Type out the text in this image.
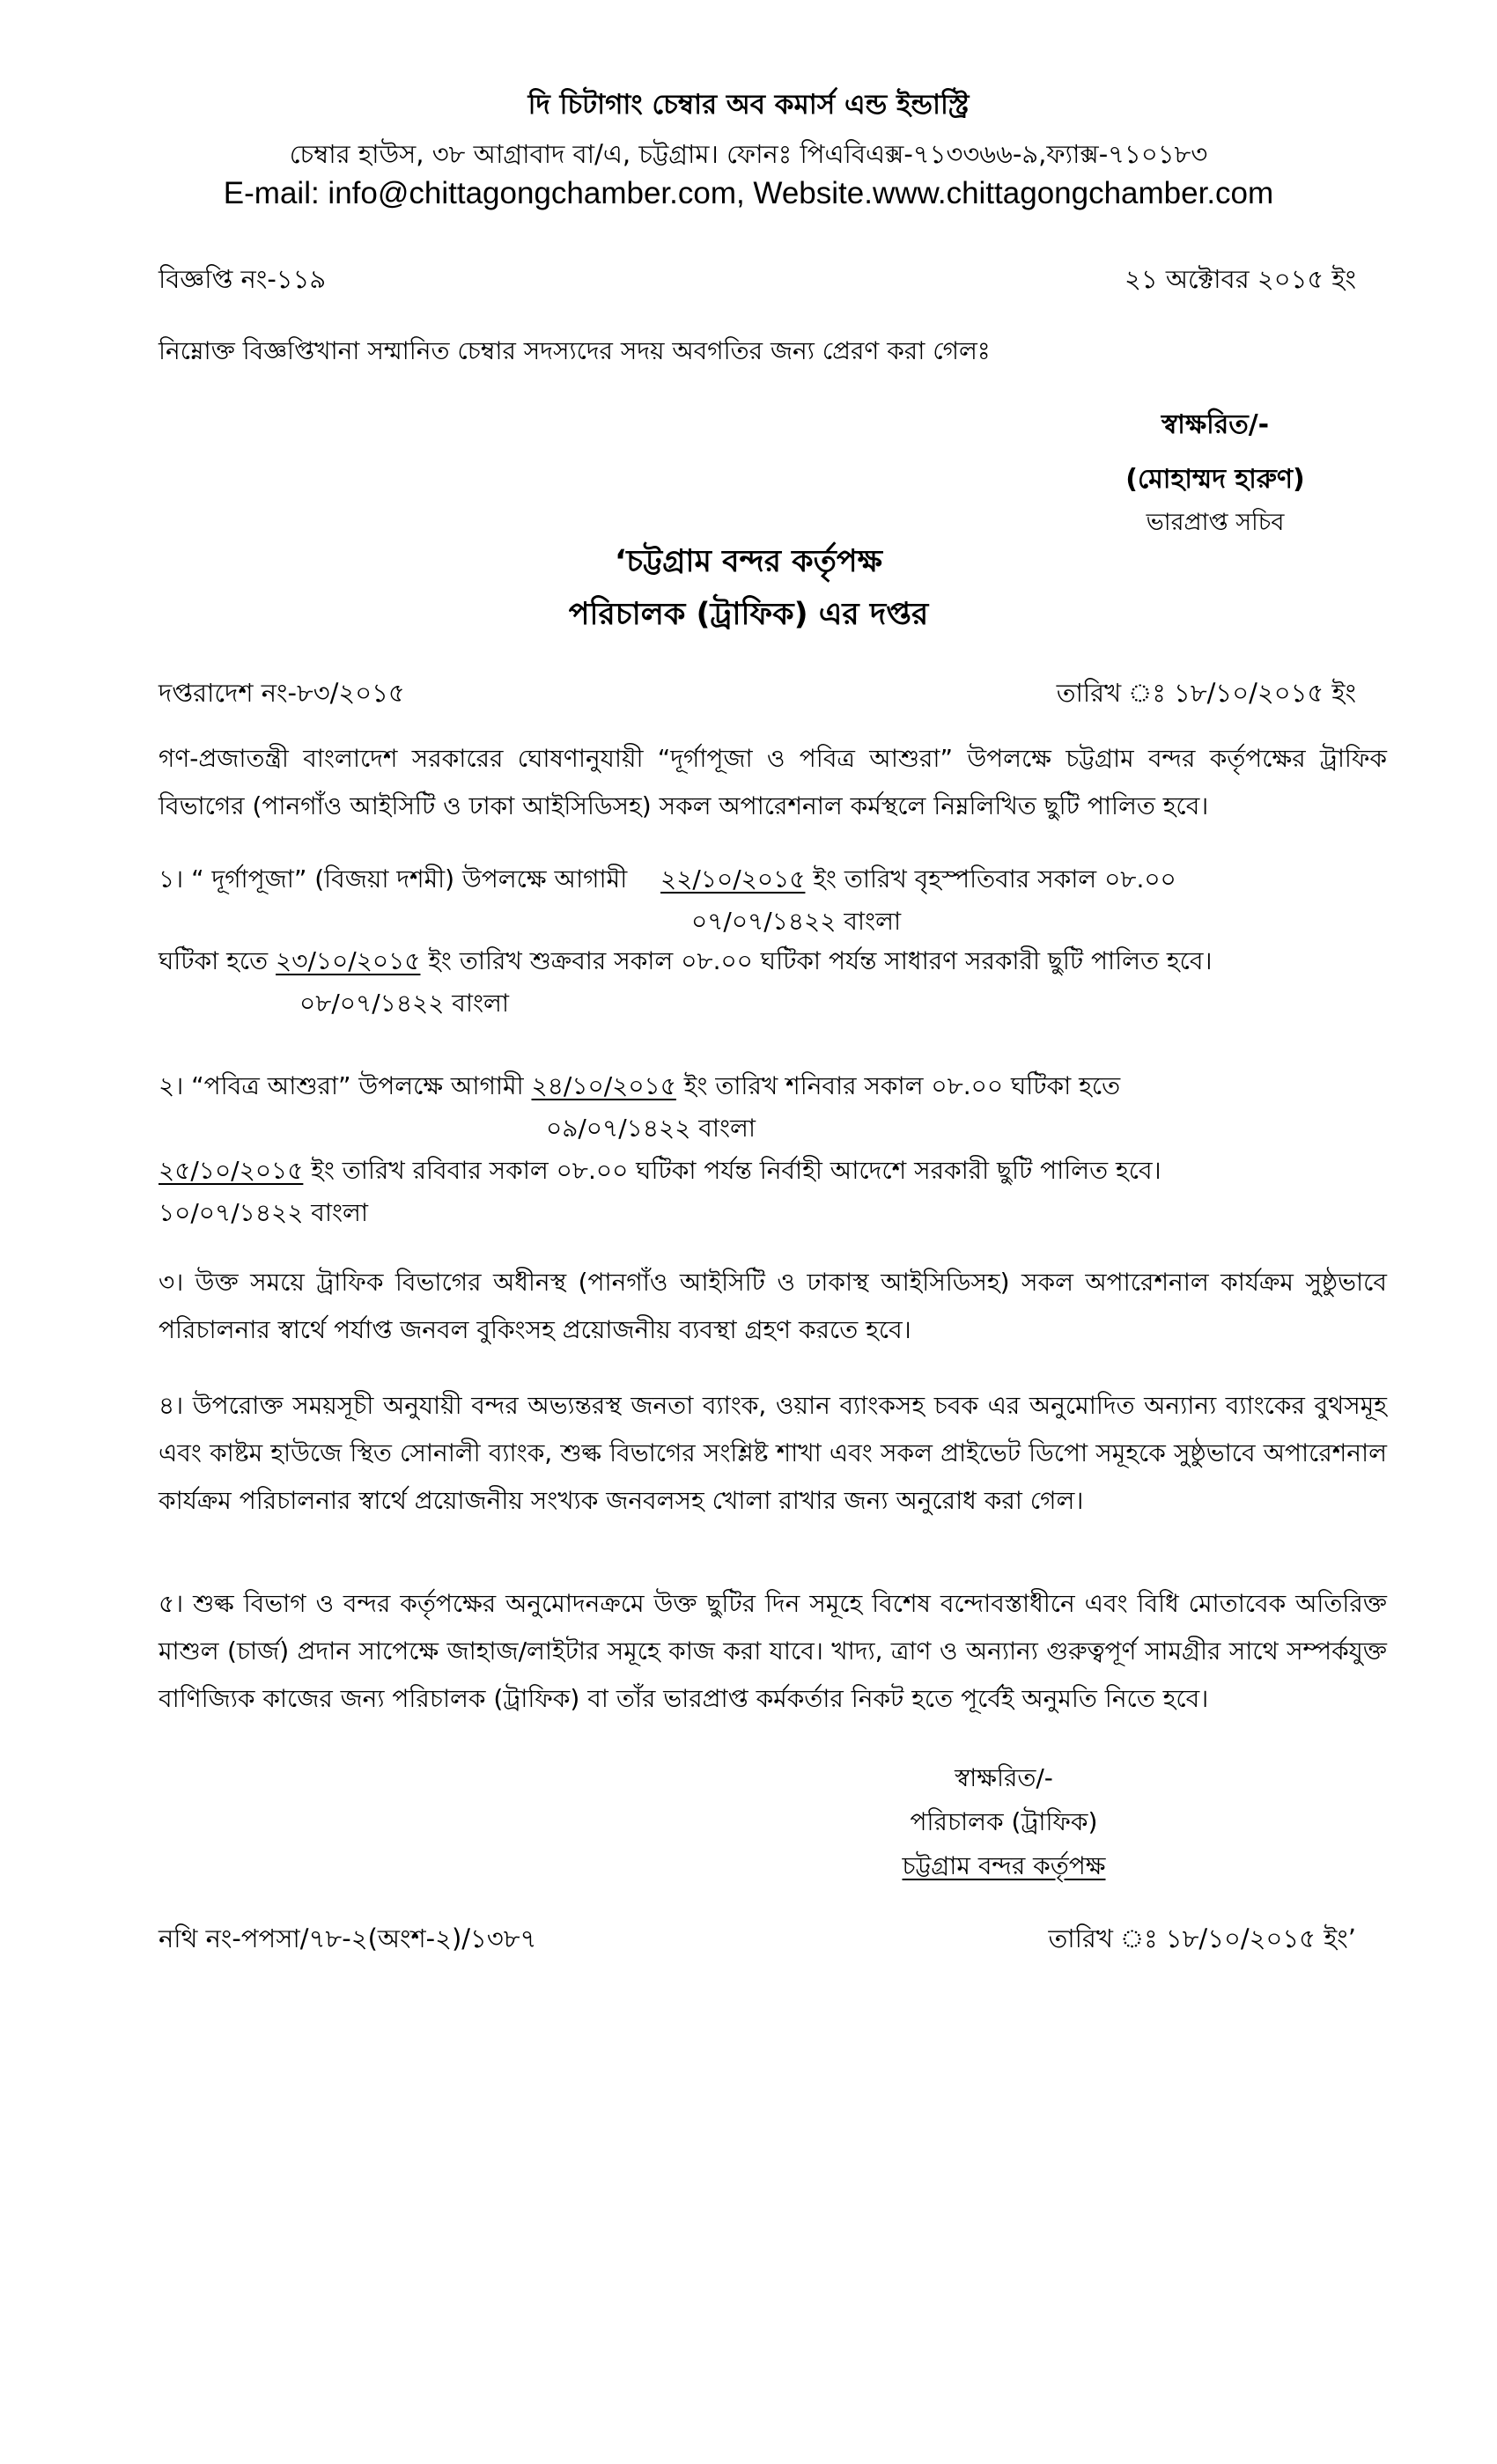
দি চিটাগাং চেম্বার অব কমার্স এন্ড ইন্ডাস্ট্রি
চেম্বার হাউস, ৩৮ আগ্রাবাদ বা/এ, চট্টগ্রাম। ফোনঃ পিএবিএক্স-৭১৩৩৬৬-৯,ফ্যাক্স-৭১০১৮৩
E-mail: info@chittagongchamber.com, Website.www.chittagongchamber.com
বিজ্ঞপ্তি নং-১১৯	২১ অক্টোবর ২০১৫ ইং
নিম্নোক্ত বিজ্ঞপ্তিখানা সম্মানিত চেম্বার সদস্যদের সদয় অবগতির জন্য প্রেরণ করা গেলঃ
স্বাক্ষরিত/-
(মোহাম্মদ হারুণ)
ভারপ্রাপ্ত সচিব
‘চট্টগ্রাম বন্দর কর্তৃপক্ষ
পরিচালক (ট্রাফিক) এর দপ্তর
দপ্তরাদেশ নং-৮৩/২০১৫	তারিখ ঃ ১৮/১০/২০১৫ ইং
গণ-প্রজাতন্ত্রী বাংলাদেশ সরকারের ঘোষণানুযায়ী “দূর্গাপূজা ও পবিত্র আশুরা” উপলক্ষে চট্টগ্রাম বন্দর কর্তৃপক্ষের ট্রাফিক বিভাগের (পানগাঁও আইসিটি ও ঢাকা আইসিডিসহ) সকল অপারেশনাল কর্মস্থলে নিম্নলিখিত ছুটি পালিত হবে।
১। “ দূর্গাপূজা” (বিজয়া দশমী) উপলক্ষে আগামী ২২/১০/২০১৫ ইং তারিখ বৃহস্পতিবার সকাল ০৮.০০
০৭/০৭/১৪২২ বাংলা
ঘটিকা হতে ২৩/১০/২০১৫ ইং তারিখ শুক্রবার সকাল ০৮.০০ ঘটিকা পর্যন্ত সাধারণ সরকারী ছুটি পালিত হবে।
০৮/০৭/১৪২২ বাংলা
২। “পবিত্র আশুরা” উপলক্ষে আগামী ২৪/১০/২০১৫ ইং তারিখ শনিবার সকাল ০৮.০০ ঘটিকা হতে
০৯/০৭/১৪২২ বাংলা
২৫/১০/২০১৫ ইং তারিখ রবিবার সকাল ০৮.০০ ঘটিকা পর্যন্ত নির্বাহী আদেশে সরকারী ছুটি পালিত হবে।
১০/০৭/১৪২২ বাংলা
৩। উক্ত সময়ে ট্রাফিক বিভাগের অধীনস্থ (পানগাঁও আইসিটি ও ঢাকাস্থ আইসিডিসহ) সকল অপারেশনাল কার্যক্রম সুষ্ঠুভাবে পরিচালনার স্বার্থে পর্যাপ্ত জনবল বুকিংসহ প্রয়োজনীয় ব্যবস্থা গ্রহণ করতে হবে।
৪। উপরোক্ত সময়সূচী অনুযায়ী বন্দর অভ্যন্তরস্থ জনতা ব্যাংক, ওয়ান ব্যাংকসহ চবক এর অনুমোদিত অন্যান্য ব্যাংকের বুথসমূহ এবং কাষ্টম হাউজে স্থিত সোনালী ব্যাংক, শুল্ক বিভাগের সংশ্লিষ্ট শাখা এবং সকল প্রাইভেট ডিপো সমূহকে সুষ্ঠুভাবে অপারেশনাল কার্যক্রম পরিচালনার স্বার্থে প্রয়োজনীয় সংখ্যক জনবলসহ খোলা রাখার জন্য অনুরোধ করা গেল।
৫। শুল্ক বিভাগ ও বন্দর কর্তৃপক্ষের অনুমোদনক্রমে উক্ত ছুটির দিন সমূহে বিশেষ বন্দোবস্তাধীনে এবং বিধি মোতাবেক অতিরিক্ত মাশুল (চার্জ) প্রদান সাপেক্ষে জাহাজ/লাইটার সমূহে কাজ করা যাবে। খাদ্য, ত্রাণ ও অন্যান্য গুরুত্বপূর্ণ সামগ্রীর সাথে সম্পর্কযুক্ত বাণিজ্যিক কাজের জন্য পরিচালক (ট্রাফিক) বা তাঁর ভারপ্রাপ্ত কর্মকর্তার নিকট হতে পূর্বেই অনুমতি নিতে হবে।
স্বাক্ষরিত/-
পরিচালক (ট্রাফিক)
চট্টগ্রাম বন্দর কর্তৃপক্ষ
নথি নং-পপসা/৭৮-২(অংশ-২)/১৩৮৭	তারিখ ঃ ১৮/১০/২০১৫ ইং’
